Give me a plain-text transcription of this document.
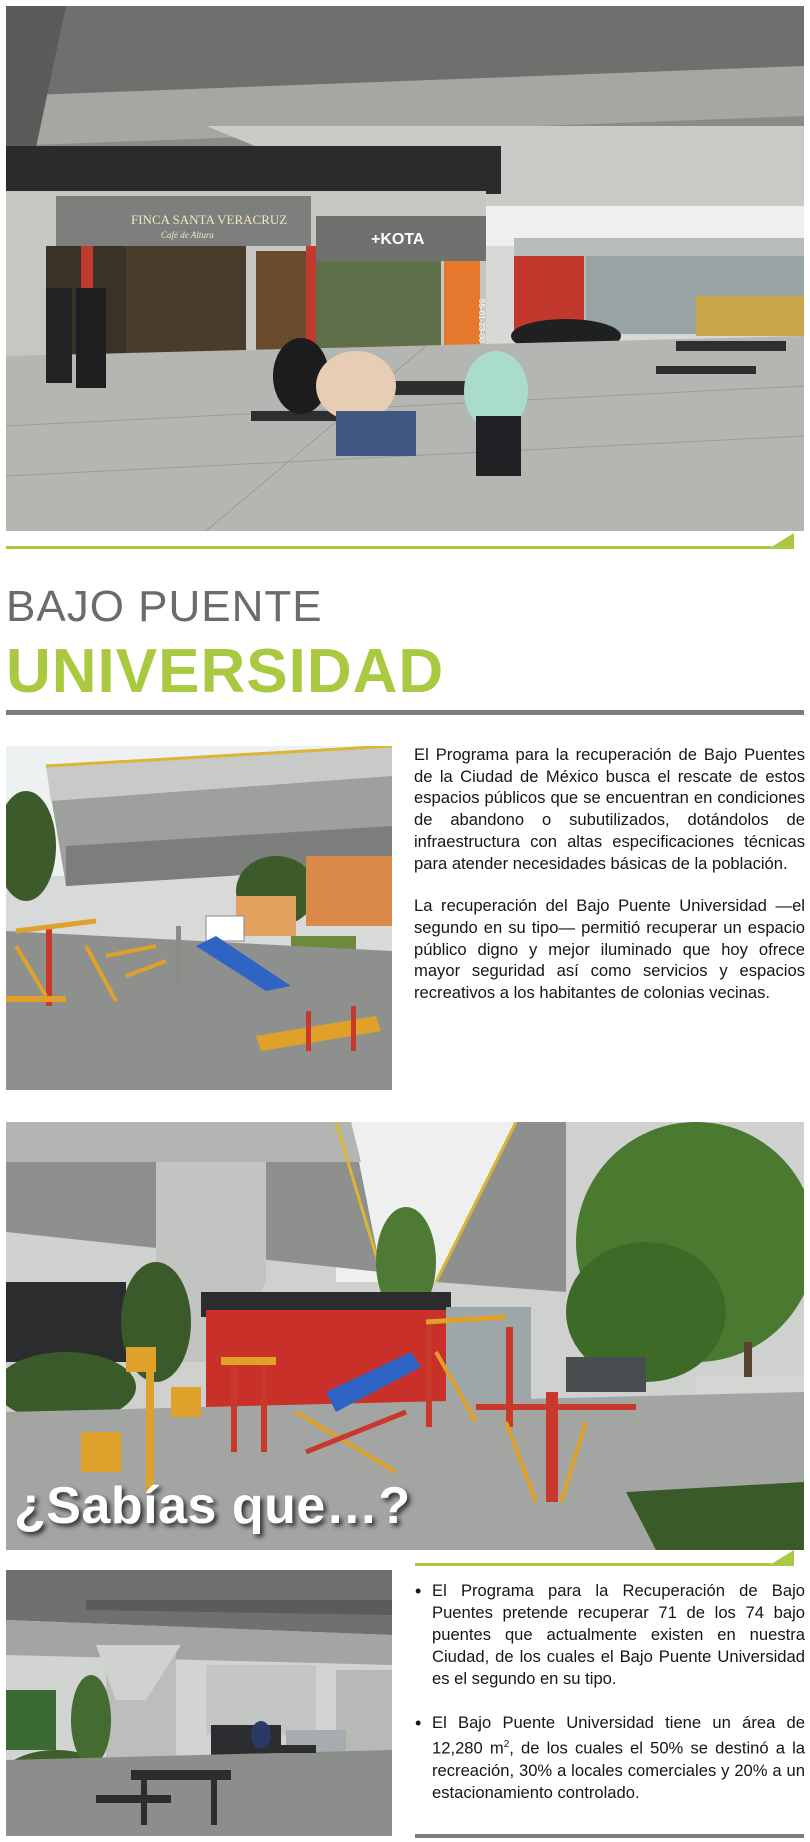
FINCA SANTA VERACRUZ
Café de Altura	+KOTA
55-01-23-00
BAJO PUENTE
UNIVERSIDAD

El Programa para la recuperación de Bajo Puentes de la Ciudad de México busca el rescate de estos espacios públicos que se encuentran en condiciones de abandono o subutilizados, dotándolos de infraestructura con altas especificaciones técnicas para atender necesidades básicas de la población.

La recuperación del Bajo Puente Universidad —el segundo en su tipo— permitió recuperar un espacio público digno y mejor iluminado que hoy ofrece mayor seguridad así como servicios y espacios recreativos a los habitantes de colonias vecinas.

¿Sabías que…?
• El Programa para la Recuperación de Bajo Puentes pretende recuperar 71 de los 74 bajo puentes que actualmente existen en nuestra Ciudad, de los cuales el Bajo Puente Universidad es el segundo en su tipo.
• El Bajo Puente Universidad tiene un área de 12,280 $m^2$, de los cuales el 50% se destinó a la recreación, 30% a locales comerciales y 20% a un estacionamiento controlado.
